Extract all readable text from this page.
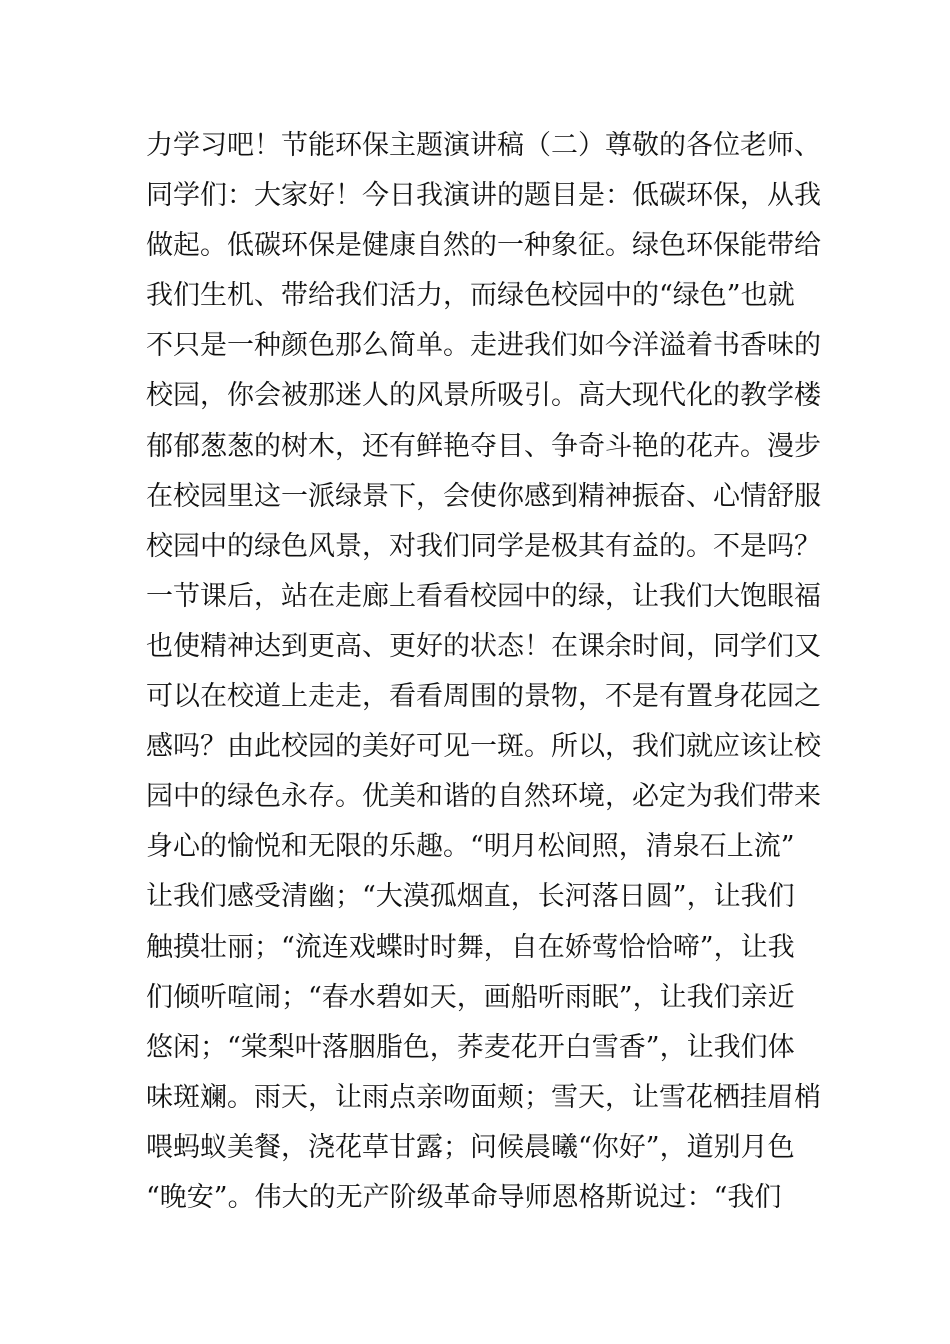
力学习吧！节能环保主题演讲稿（二）尊敬的各位老师、
同学们：大家好！今日我演讲的题目是：低碳环保，从我
做起。低碳环保是健康自然的一种象征。绿色环保能带给
我们生机、带给我们活力，而绿色校园中的“绿色”也就
不只是一种颜色那么简单。走进我们如今洋溢着书香味的
校园，你会被那迷人的风景所吸引。高大现代化的教学楼
郁郁葱葱的树木，还有鲜艳夺目、争奇斗艳的花卉。漫步
在校园里这一派绿景下，会使你感到精神振奋、心情舒服
校园中的绿色风景，对我们同学是极其有益的。不是吗？
一节课后，站在走廊上看看校园中的绿，让我们大饱眼福
也使精神达到更高、更好的状态！在课余时间，同学们又
可以在校道上走走，看看周围的景物，不是有置身花园之
感吗？由此校园的美好可见一斑。所以，我们就应该让校
园中的绿色永存。优美和谐的自然环境，必定为我们带来
身心的愉悦和无限的乐趣。“明月松间照，清泉石上流”
让我们感受清幽；“大漠孤烟直，长河落日圆”，让我们
触摸壮丽；“流连戏蝶时时舞，自在娇莺恰恰啼”，让我
们倾听喧闹；“春水碧如天，画船听雨眠”，让我们亲近
悠闲；“棠梨叶落胭脂色，荞麦花开白雪香”，让我们体
味斑斓。雨天，让雨点亲吻面颊；雪天，让雪花栖挂眉梢
喂蚂蚁美餐，浇花草甘露；问候晨曦“你好”，道别月色
“晚安”。伟大的无产阶级革命导师恩格斯说过：“我们
